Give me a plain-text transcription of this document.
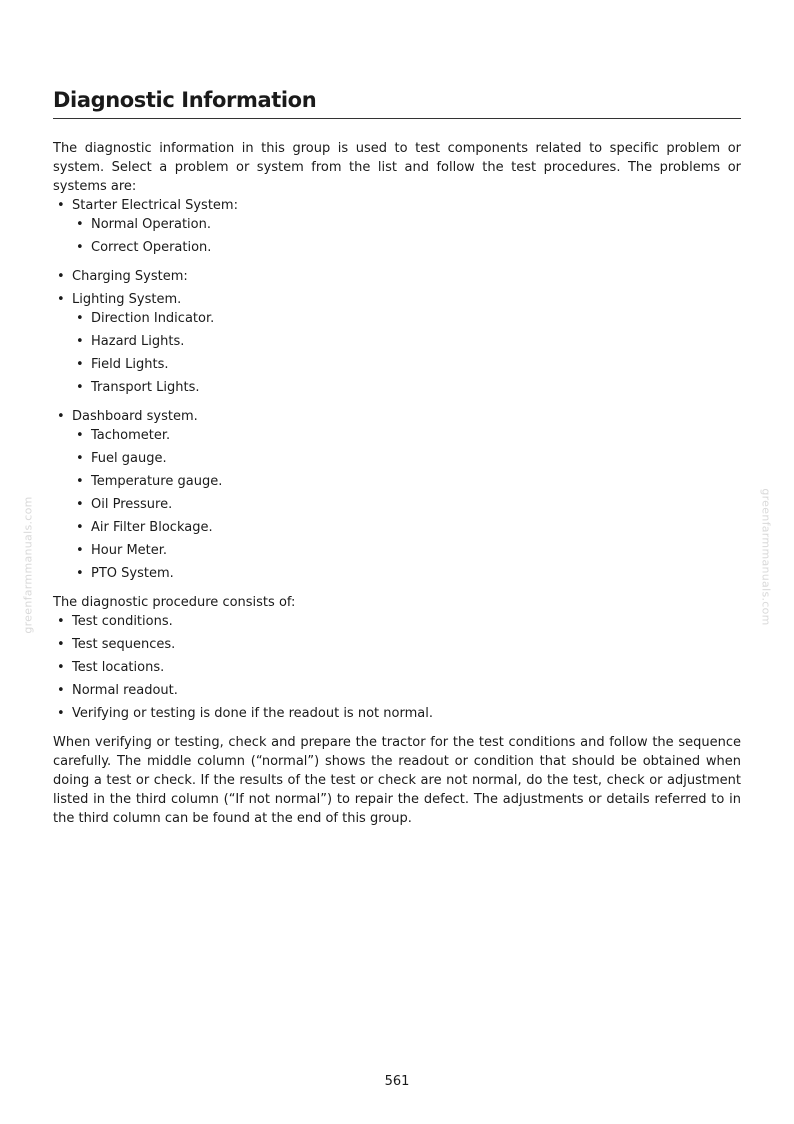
Diagnostic Information

The diagnostic information in this group is used to test components related to specific problem or system. Select a problem or system from the list and follow the test procedures. The problems or systems are:

• Starter Electrical System:
• Normal Operation.
• Correct Operation.
• Charging System:
• Lighting System.
• Direction Indicator.
• Hazard Lights.
• Field Lights.
• Transport Lights.
• Dashboard system.
• Tachometer.
• Fuel gauge.
• Temperature gauge.
• Oil Pressure.
• Air Filter Blockage.
• Hour Meter.
• PTO System.

The diagnostic procedure consists of:

• Test conditions.
• Test sequences.
• Test locations.
• Normal readout.
• Verifying or testing is done if the readout is not normal.

When verifying or testing, check and prepare the tractor for the test conditions and follow the sequence carefully. The middle column (“normal”) shows the readout or condition that should be obtained when doing a test or check. If the results of the test or check are not normal, do the test, check or adjustment listed in the third column (“If not normal”) to repair the defect. The adjustments or details referred to in the third column can be found at the end of this group.

greenfarmmanuals.com	greenfarmmanuals.com
561
